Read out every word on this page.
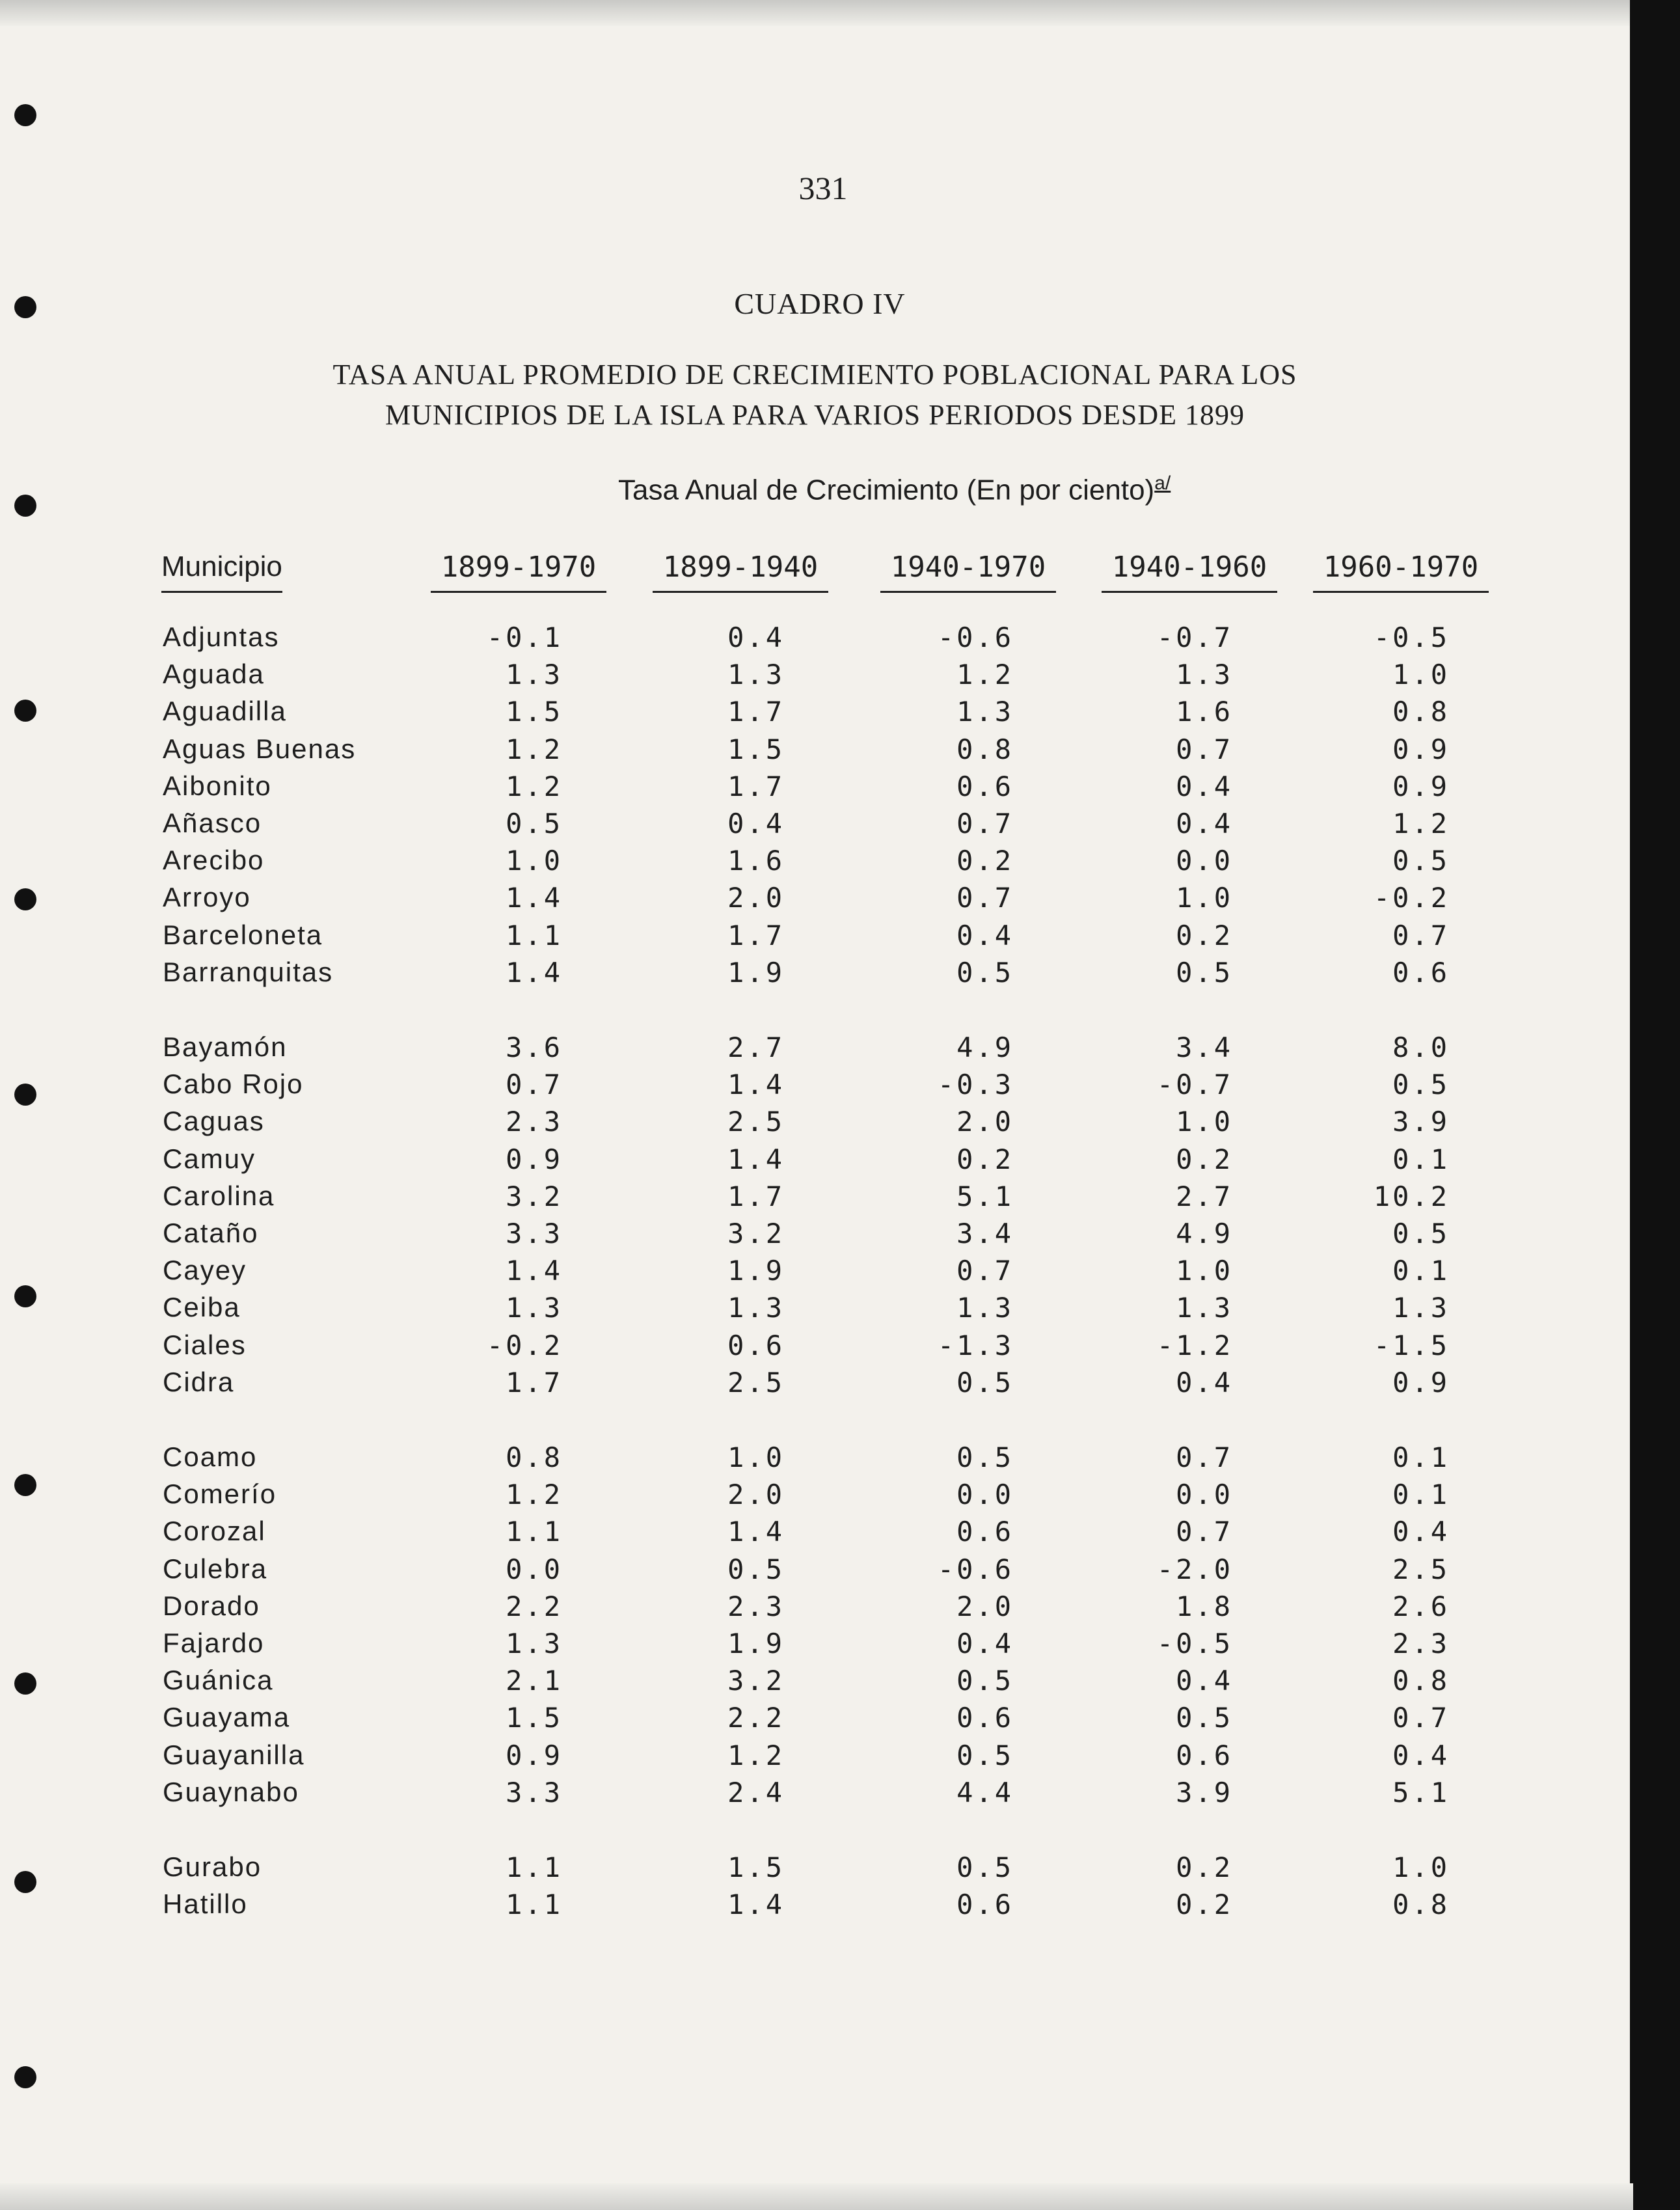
331
CUADRO IV
TASA ANUAL PROMEDIO DE CRECIMIENTO POBLACIONAL PARA LOS
MUNICIPIOS DE LA ISLA PARA VARIOS PERIODOS DESDE 1899
Tasa Anual de Crecimiento (En por ciento)$^{a/}$
Municipio	1899-1970	1899-1940	1940-1970	1940-1960	1960-1970
Adjuntas	-0.1	0.4	-0.6	-0.7	-0.5
Aguada	1.3	1.3	1.2	1.3	1.0
Aguadilla	1.5	1.7	1.3	1.6	0.8
Aguas Buenas	1.2	1.5	0.8	0.7	0.9
Aibonito	1.2	1.7	0.6	0.4	0.9
Añasco	0.5	0.4	0.7	0.4	1.2
Arecibo	1.0	1.6	0.2	0.0	0.5
Arroyo	1.4	2.0	0.7	1.0	-0.2
Barceloneta	1.1	1.7	0.4	0.2	0.7
Barranquitas	1.4	1.9	0.5	0.5	0.6
Bayamón	3.6	2.7	4.9	3.4	8.0
Cabo Rojo	0.7	1.4	-0.3	-0.7	0.5
Caguas	2.3	2.5	2.0	1.0	3.9
Camuy	0.9	1.4	0.2	0.2	0.1
Carolina	3.2	1.7	5.1	2.7	10.2
Cataño	3.3	3.2	3.4	4.9	0.5
Cayey	1.4	1.9	0.7	1.0	0.1
Ceiba	1.3	1.3	1.3	1.3	1.3
Ciales	-0.2	0.6	-1.3	-1.2	-1.5
Cidra	1.7	2.5	0.5	0.4	0.9
Coamo	0.8	1.0	0.5	0.7	0.1
Comerío	1.2	2.0	0.0	0.0	0.1
Corozal	1.1	1.4	0.6	0.7	0.4
Culebra	0.0	0.5	-0.6	-2.0	2.5
Dorado	2.2	2.3	2.0	1.8	2.6
Fajardo	1.3	1.9	0.4	-0.5	2.3
Guánica	2.1	3.2	0.5	0.4	0.8
Guayama	1.5	2.2	0.6	0.5	0.7
Guayanilla	0.9	1.2	0.5	0.6	0.4
Guaynabo	3.3	2.4	4.4	3.9	5.1
Gurabo	1.1	1.5	0.5	0.2	1.0
Hatillo	1.1	1.4	0.6	0.2	0.8
